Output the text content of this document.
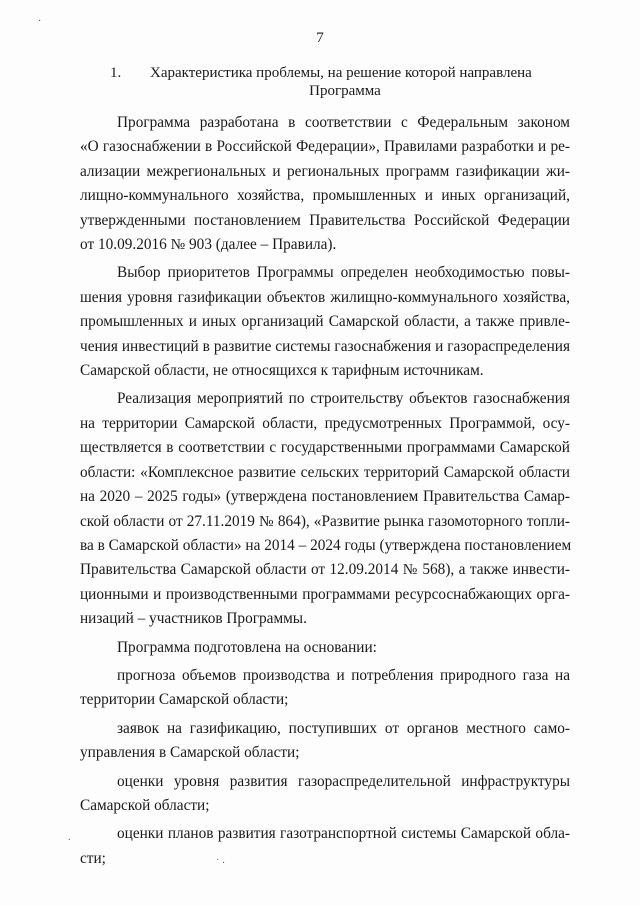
7
1. Характеристика проблемы, на решение которой направлена
Программа
Программа разработана в соответствии с Федеральным законом
«О газоснабжении в Российской Федерации», Правилами разработки и ре-
ализации межрегиональных и региональных программ газификации жи-
лищно-коммунального хозяйства, промышленных и иных организаций,
утвержденными постановлением Правительства Российской Федерации
от 10.09.2016 № 903 (далее – Правила).
Выбор приоритетов Программы определен необходимостью повы-
шения уровня газификации объектов жилищно-коммунального хозяйства,
промышленных и иных организаций Самарской области, а также привле-
чения инвестиций в развитие системы газоснабжения и газораспределения
Самарской области, не относящихся к тарифным источникам.
Реализация мероприятий по строительству объектов газоснабжения
на территории Самарской области, предусмотренных Программой, осу-
ществляется в соответствии с государственными программами Самарской
области: «Комплексное развитие сельских территорий Самарской области
на 2020 – 2025 годы» (утверждена постановлением Правительства Самар-
ской области от 27.11.2019 № 864), «Развитие рынка газомоторного топли-
ва в Самарской области» на 2014 – 2024 годы (утверждена постановлением
Правительства Самарской области от 12.09.2014 № 568), а также инвести-
ционными и производственными программами ресурсоснабжающих орга-
низаций – участников Программы.
Программа подготовлена на основании:
прогноза объемов производства и потребления природного газа на
территории Самарской области;
заявок на газификацию, поступивших от органов местного само-
управления в Самарской области;
оценки уровня развития газораспределительной инфраструктуры
Самарской области;
оценки планов развития газотранспортной системы Самарской обла-
сти;
·
.
˙ ·
